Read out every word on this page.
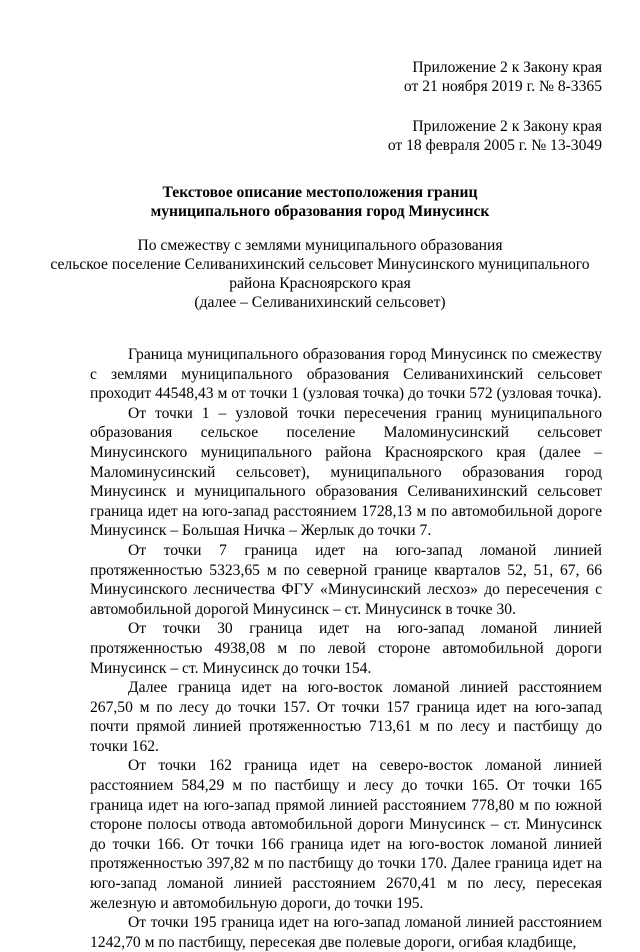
Приложение 2 к Закону края
от 21 ноября 2019 г. № 8-3365
Приложение 2 к Закону края
от 18 февраля 2005 г. № 13-3049
Текстовое описание местоположения границ
муниципального образования город Минусинск
По смежеству с землями муниципального образования
сельское поселение Селиванихинский сельсовет Минусинского муниципального
района Красноярского края
(далее – Селиванихинский сельсовет)

Граница муниципального образования город Минусинск по смежеству с землями муниципального образования Селиванихинский сельсовет проходит 44548,43 м от точки 1 (узловая точка) до точки 572 (узловая точка).

От точки 1 – узловой точки пересечения границ муниципального образования сельское поселение Маломинусинский сельсовет Минусинского муниципального района Красноярского края (далее – Маломинусинский сельсовет), муниципального образования город Минусинск и муниципального образования Селиванихинский сельсовет граница идет на юго-запад расстоянием 1728,13 м по автомобильной дороге Минусинск – Большая Ничка – Жерлык до точки 7.

От точки 7 граница идет на юго-запад ломаной линией протяженностью 5323,65 м по северной границе кварталов 52, 51, 67, 66 Минусинского лесничества ФГУ «Минусинский лесхоз» до пересечения с автомобильной дорогой Минусинск – ст. Минусинск в точке 30.

От точки 30 граница идет на юго-запад ломаной линией протяженностью 4938,08 м по левой стороне автомобильной дороги Минусинск – ст. Минусинск до точки 154.

Далее граница идет на юго-восток ломаной линией расстоянием 267,50 м по лесу до точки 157. От точки 157 граница идет на юго-запад почти прямой линией протяженностью 713,61 м по лесу и пастбищу до точки 162.

От точки 162 граница идет на северо-восток ломаной линией расстоянием 584,29 м по пастбищу и лесу до точки 165. От точки 165 граница идет на юго-запад прямой линией расстоянием 778,80 м по южной стороне полосы отвода автомобильной дороги Минусинск – ст. Минусинск до точки 166. От точки 166 граница идет на юго-восток ломаной линией протяженностью 397,82 м по пастбищу до точки 170. Далее граница идет на юго-запад ломаной линией расстоянием 2670,41 м по лесу, пересекая железную и автомобильную дороги, до точки 195.

От точки 195 граница идет на юго-запад ломаной линией расстоянием 1242,70 м по пастбищу, пересекая две полевые дороги, огибая кладбище,
